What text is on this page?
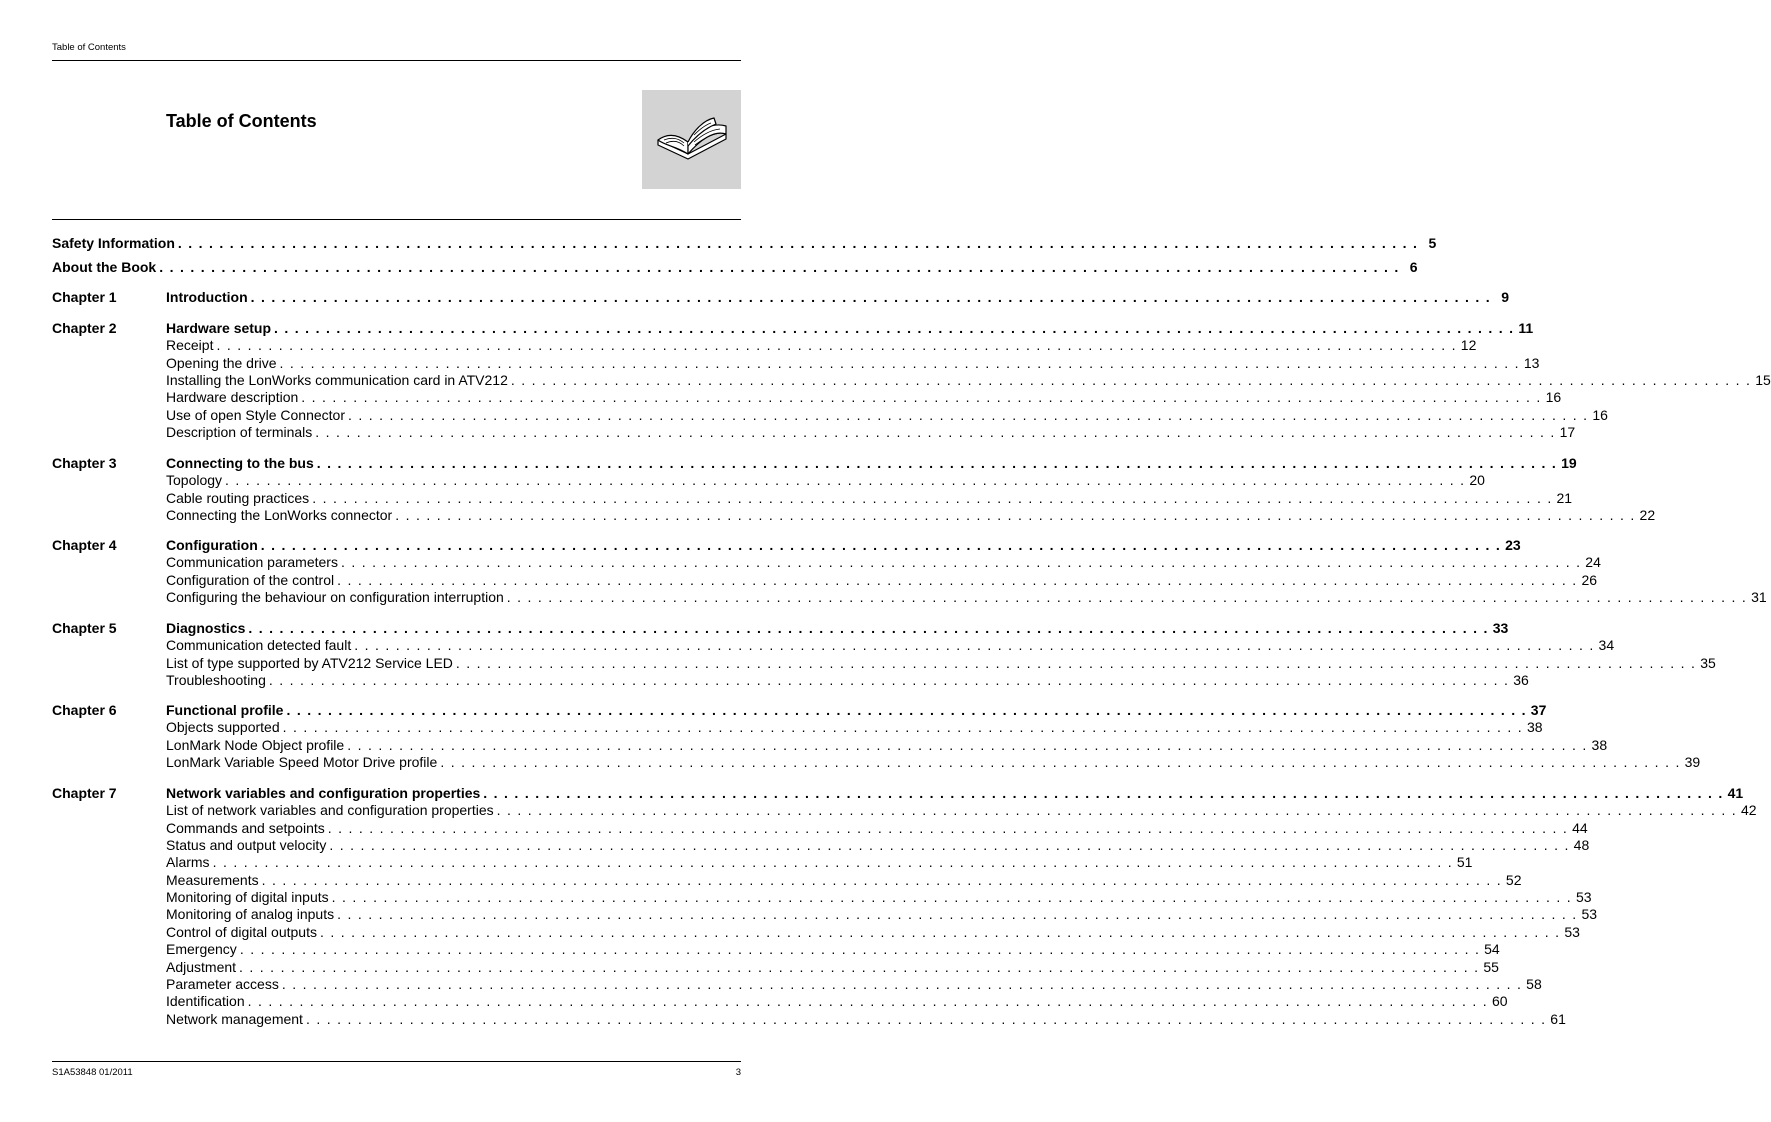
Table of Contents
Table of Contents
Safety Information . . . . . . . . . . . . . . . . . . . . . . . . . . . . . . . . . . . . . . . . . . . . . . . . . . . . . . . . . . . . . . . . . . . . . . . . . . . . . . . . . . . . . . . . . . . . . . . . . . . . . . . . . . . . . . . . . . . . . . . . 5
About the Book . . . . . . . . . . . . . . . . . . . . . . . . . . . . . . . . . . . . . . . . . . . . . . . . . . . . . . . . . . . . . . . . . . . . . . . . . . . . . . . . . . . . . . . . . . . . . . . . . . . . . . . . . . . . . . . . . . . . . . . . 6
Chapter 1	Introduction . . . . . . . . . . . . . . . . . . . . . . . . . . . . . . . . . . . . . . . . . . . . . . . . . . . . . . . . . . . . . . . . . . . . . . . . . . . . . . . . . . . . . . . . . . . . . . . . . . . . . . . . . . . . . . . . . . . . . . . . 9
Chapter 2	Hardware setup . . . . . . . . . . . . . . . . . . . . . . . . . . . . . . . . . . . . . . . . . . . . . . . . . . . . . . . . . . . . . . . . . . . . . . . . . . . . . . . . . . . . . . . . . . . . . . . . . . . . . . . . . . . . . . . . . . . . . . . . 11
Receipt . . . . . . . . . . . . . . . . . . . . . . . . . . . . . . . . . . . . . . . . . . . . . . . . . . . . . . . . . . . . . . . . . . . . . . . . . . . . . . . . . . . . . . . . . . . . . . . . . . . . . . . . . . . . . . . . . . . . . . . . 12
Opening the drive . . . . . . . . . . . . . . . . . . . . . . . . . . . . . . . . . . . . . . . . . . . . . . . . . . . . . . . . . . . . . . . . . . . . . . . . . . . . . . . . . . . . . . . . . . . . . . . . . . . . . . . . . . . . . . . . . . . . . . . . 13
Installing the LonWorks communication card in ATV212 . . . . . . . . . . . . . . . . . . . . . . . . . . . . . . . . . . . . . . . . . . . . . . . . . . . . . . . . . . . . . . . . . . . . . . . . . . . . . . . . . . . . . . . . . . . . . . . . . . . . . . . . . . . . . . . . . . . . . . . . 15
Hardware description . . . . . . . . . . . . . . . . . . . . . . . . . . . . . . . . . . . . . . . . . . . . . . . . . . . . . . . . . . . . . . . . . . . . . . . . . . . . . . . . . . . . . . . . . . . . . . . . . . . . . . . . . . . . . . . . . . . . . . . . 16
Use of open Style Connector . . . . . . . . . . . . . . . . . . . . . . . . . . . . . . . . . . . . . . . . . . . . . . . . . . . . . . . . . . . . . . . . . . . . . . . . . . . . . . . . . . . . . . . . . . . . . . . . . . . . . . . . . . . . . . . . . . . . . . . . 16
Description of terminals . . . . . . . . . . . . . . . . . . . . . . . . . . . . . . . . . . . . . . . . . . . . . . . . . . . . . . . . . . . . . . . . . . . . . . . . . . . . . . . . . . . . . . . . . . . . . . . . . . . . . . . . . . . . . . . . . . . . . . . . 17
Chapter 3	Connecting to the bus . . . . . . . . . . . . . . . . . . . . . . . . . . . . . . . . . . . . . . . . . . . . . . . . . . . . . . . . . . . . . . . . . . . . . . . . . . . . . . . . . . . . . . . . . . . . . . . . . . . . . . . . . . . . . . . . . . . . . . . . 19
Topology . . . . . . . . . . . . . . . . . . . . . . . . . . . . . . . . . . . . . . . . . . . . . . . . . . . . . . . . . . . . . . . . . . . . . . . . . . . . . . . . . . . . . . . . . . . . . . . . . . . . . . . . . . . . . . . . . . . . . . . . 20
Cable routing practices . . . . . . . . . . . . . . . . . . . . . . . . . . . . . . . . . . . . . . . . . . . . . . . . . . . . . . . . . . . . . . . . . . . . . . . . . . . . . . . . . . . . . . . . . . . . . . . . . . . . . . . . . . . . . . . . . . . . . . . . 21
Connecting the LonWorks connector . . . . . . . . . . . . . . . . . . . . . . . . . . . . . . . . . . . . . . . . . . . . . . . . . . . . . . . . . . . . . . . . . . . . . . . . . . . . . . . . . . . . . . . . . . . . . . . . . . . . . . . . . . . . . . . . . . . . . . . . 22
Chapter 4	Configuration . . . . . . . . . . . . . . . . . . . . . . . . . . . . . . . . . . . . . . . . . . . . . . . . . . . . . . . . . . . . . . . . . . . . . . . . . . . . . . . . . . . . . . . . . . . . . . . . . . . . . . . . . . . . . . . . . . . . . . . . 23
Communication parameters . . . . . . . . . . . . . . . . . . . . . . . . . . . . . . . . . . . . . . . . . . . . . . . . . . . . . . . . . . . . . . . . . . . . . . . . . . . . . . . . . . . . . . . . . . . . . . . . . . . . . . . . . . . . . . . . . . . . . . . . 24
Configuration of the control . . . . . . . . . . . . . . . . . . . . . . . . . . . . . . . . . . . . . . . . . . . . . . . . . . . . . . . . . . . . . . . . . . . . . . . . . . . . . . . . . . . . . . . . . . . . . . . . . . . . . . . . . . . . . . . . . . . . . . . . 26
Configuring the behaviour on configuration interruption . . . . . . . . . . . . . . . . . . . . . . . . . . . . . . . . . . . . . . . . . . . . . . . . . . . . . . . . . . . . . . . . . . . . . . . . . . . . . . . . . . . . . . . . . . . . . . . . . . . . . . . . . . . . . . . . . . . . . . . . 31
Chapter 5	Diagnostics . . . . . . . . . . . . . . . . . . . . . . . . . . . . . . . . . . . . . . . . . . . . . . . . . . . . . . . . . . . . . . . . . . . . . . . . . . . . . . . . . . . . . . . . . . . . . . . . . . . . . . . . . . . . . . . . . . . . . . . . 33
Communication detected fault . . . . . . . . . . . . . . . . . . . . . . . . . . . . . . . . . . . . . . . . . . . . . . . . . . . . . . . . . . . . . . . . . . . . . . . . . . . . . . . . . . . . . . . . . . . . . . . . . . . . . . . . . . . . . . . . . . . . . . . . 34
List of type supported by ATV212 Service LED . . . . . . . . . . . . . . . . . . . . . . . . . . . . . . . . . . . . . . . . . . . . . . . . . . . . . . . . . . . . . . . . . . . . . . . . . . . . . . . . . . . . . . . . . . . . . . . . . . . . . . . . . . . . . . . . . . . . . . . . 35
Troubleshooting . . . . . . . . . . . . . . . . . . . . . . . . . . . . . . . . . . . . . . . . . . . . . . . . . . . . . . . . . . . . . . . . . . . . . . . . . . . . . . . . . . . . . . . . . . . . . . . . . . . . . . . . . . . . . . . . . . . . . . . . 36
Chapter 6	Functional profile . . . . . . . . . . . . . . . . . . . . . . . . . . . . . . . . . . . . . . . . . . . . . . . . . . . . . . . . . . . . . . . . . . . . . . . . . . . . . . . . . . . . . . . . . . . . . . . . . . . . . . . . . . . . . . . . . . . . . . . . 37
Objects supported . . . . . . . . . . . . . . . . . . . . . . . . . . . . . . . . . . . . . . . . . . . . . . . . . . . . . . . . . . . . . . . . . . . . . . . . . . . . . . . . . . . . . . . . . . . . . . . . . . . . . . . . . . . . . . . . . . . . . . . . 38
LonMark Node Object profile . . . . . . . . . . . . . . . . . . . . . . . . . . . . . . . . . . . . . . . . . . . . . . . . . . . . . . . . . . . . . . . . . . . . . . . . . . . . . . . . . . . . . . . . . . . . . . . . . . . . . . . . . . . . . . . . . . . . . . . . 38
LonMark Variable Speed Motor Drive profile . . . . . . . . . . . . . . . . . . . . . . . . . . . . . . . . . . . . . . . . . . . . . . . . . . . . . . . . . . . . . . . . . . . . . . . . . . . . . . . . . . . . . . . . . . . . . . . . . . . . . . . . . . . . . . . . . . . . . . . . 39
Chapter 7	Network variables and configuration properties . . . . . . . . . . . . . . . . . . . . . . . . . . . . . . . . . . . . . . . . . . . . . . . . . . . . . . . . . . . . . . . . . . . . . . . . . . . . . . . . . . . . . . . . . . . . . . . . . . . . . . . . . . . . . . . . . . . . . . . . 41
List of network variables and configuration properties . . . . . . . . . . . . . . . . . . . . . . . . . . . . . . . . . . . . . . . . . . . . . . . . . . . . . . . . . . . . . . . . . . . . . . . . . . . . . . . . . . . . . . . . . . . . . . . . . . . . . . . . . . . . . . . . . . . . . . . . 42
Commands and setpoints . . . . . . . . . . . . . . . . . . . . . . . . . . . . . . . . . . . . . . . . . . . . . . . . . . . . . . . . . . . . . . . . . . . . . . . . . . . . . . . . . . . . . . . . . . . . . . . . . . . . . . . . . . . . . . . . . . . . . . . . 44
Status and output velocity . . . . . . . . . . . . . . . . . . . . . . . . . . . . . . . . . . . . . . . . . . . . . . . . . . . . . . . . . . . . . . . . . . . . . . . . . . . . . . . . . . . . . . . . . . . . . . . . . . . . . . . . . . . . . . . . . . . . . . . . 48
Alarms . . . . . . . . . . . . . . . . . . . . . . . . . . . . . . . . . . . . . . . . . . . . . . . . . . . . . . . . . . . . . . . . . . . . . . . . . . . . . . . . . . . . . . . . . . . . . . . . . . . . . . . . . . . . . . . . . . . . . . . . 51
Measurements . . . . . . . . . . . . . . . . . . . . . . . . . . . . . . . . . . . . . . . . . . . . . . . . . . . . . . . . . . . . . . . . . . . . . . . . . . . . . . . . . . . . . . . . . . . . . . . . . . . . . . . . . . . . . . . . . . . . . . . . 52
Monitoring of digital inputs . . . . . . . . . . . . . . . . . . . . . . . . . . . . . . . . . . . . . . . . . . . . . . . . . . . . . . . . . . . . . . . . . . . . . . . . . . . . . . . . . . . . . . . . . . . . . . . . . . . . . . . . . . . . . . . . . . . . . . . . 53
Monitoring of analog inputs . . . . . . . . . . . . . . . . . . . . . . . . . . . . . . . . . . . . . . . . . . . . . . . . . . . . . . . . . . . . . . . . . . . . . . . . . . . . . . . . . . . . . . . . . . . . . . . . . . . . . . . . . . . . . . . . . . . . . . . . 53
Control of digital outputs . . . . . . . . . . . . . . . . . . . . . . . . . . . . . . . . . . . . . . . . . . . . . . . . . . . . . . . . . . . . . . . . . . . . . . . . . . . . . . . . . . . . . . . . . . . . . . . . . . . . . . . . . . . . . . . . . . . . . . . . 53
Emergency . . . . . . . . . . . . . . . . . . . . . . . . . . . . . . . . . . . . . . . . . . . . . . . . . . . . . . . . . . . . . . . . . . . . . . . . . . . . . . . . . . . . . . . . . . . . . . . . . . . . . . . . . . . . . . . . . . . . . . . . 54
Adjustment . . . . . . . . . . . . . . . . . . . . . . . . . . . . . . . . . . . . . . . . . . . . . . . . . . . . . . . . . . . . . . . . . . . . . . . . . . . . . . . . . . . . . . . . . . . . . . . . . . . . . . . . . . . . . . . . . . . . . . . . 55
Parameter access . . . . . . . . . . . . . . . . . . . . . . . . . . . . . . . . . . . . . . . . . . . . . . . . . . . . . . . . . . . . . . . . . . . . . . . . . . . . . . . . . . . . . . . . . . . . . . . . . . . . . . . . . . . . . . . . . . . . . . . . 58
Identification . . . . . . . . . . . . . . . . . . . . . . . . . . . . . . . . . . . . . . . . . . . . . . . . . . . . . . . . . . . . . . . . . . . . . . . . . . . . . . . . . . . . . . . . . . . . . . . . . . . . . . . . . . . . . . . . . . . . . . . . 60
Network management . . . . . . . . . . . . . . . . . . . . . . . . . . . . . . . . . . . . . . . . . . . . . . . . . . . . . . . . . . . . . . . . . . . . . . . . . . . . . . . . . . . . . . . . . . . . . . . . . . . . . . . . . . . . . . . . . . . . . . . . 61
S1A53848 01/2011	3
